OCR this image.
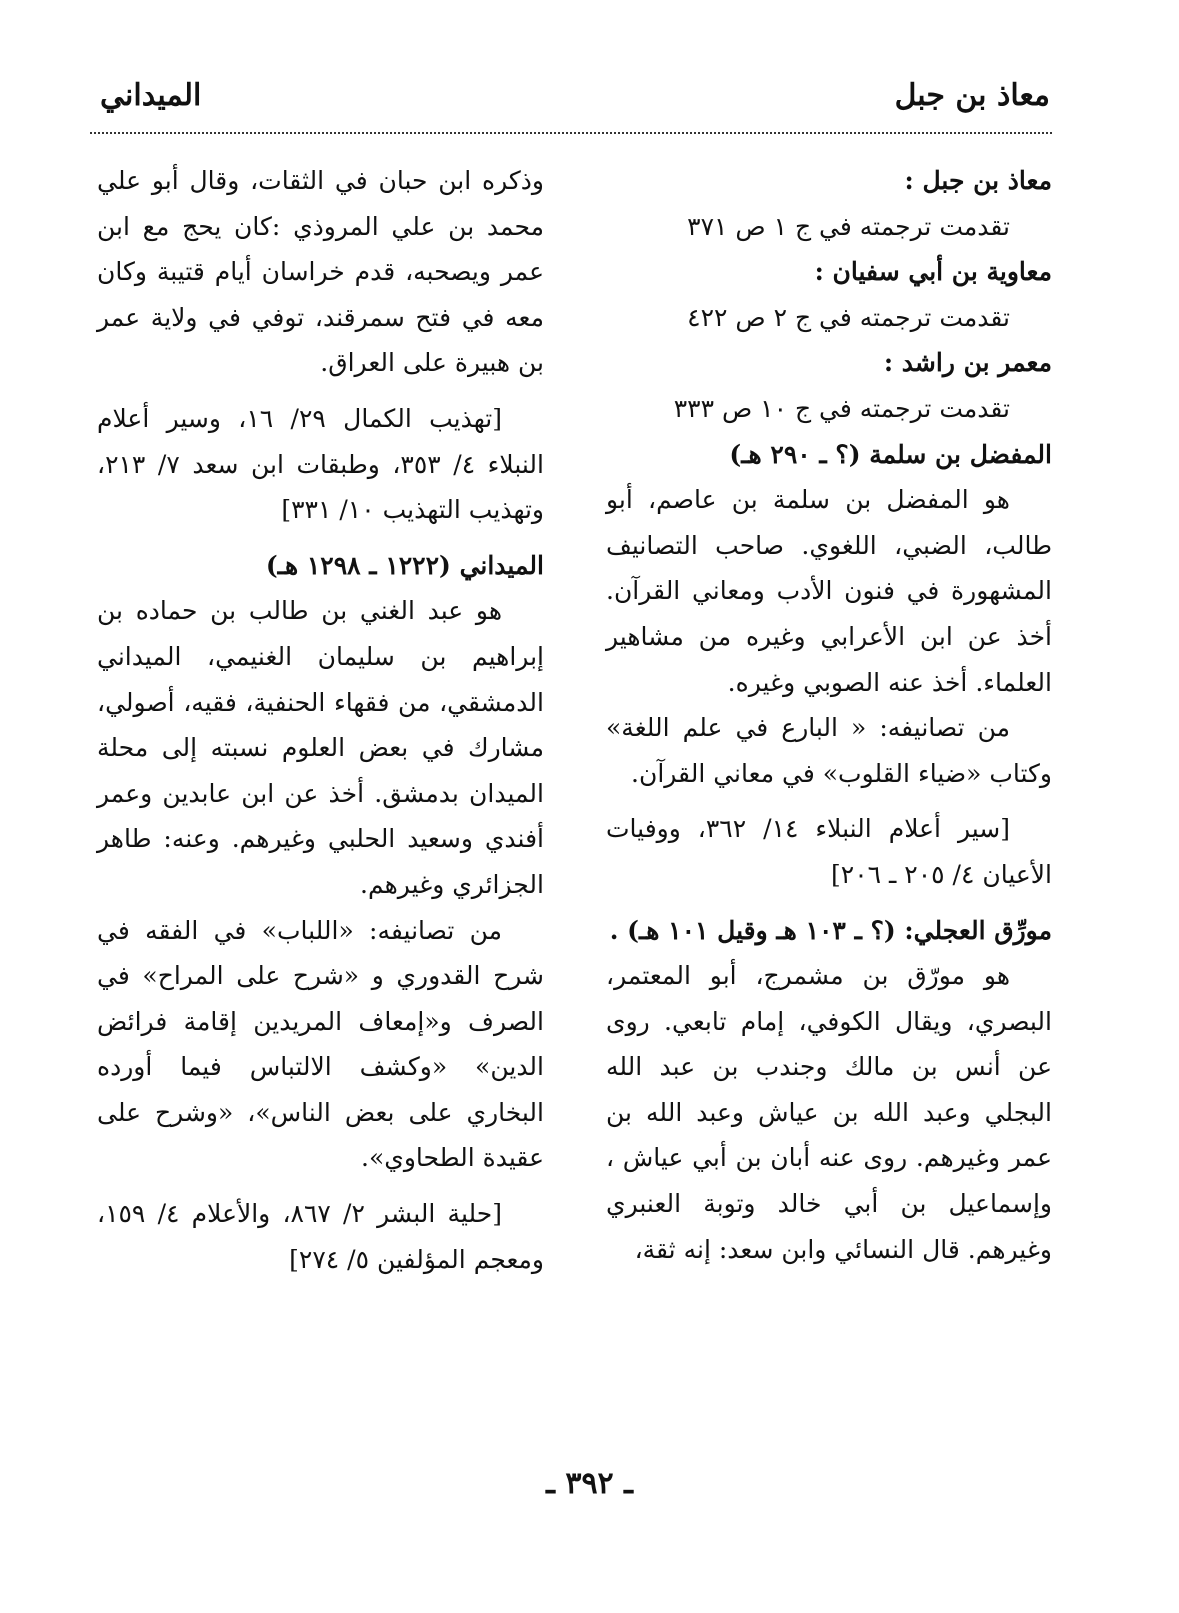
معاذ بن جبل
الميداني

معاذ بن جبل :

تقدمت ترجمته في ج ١ ص ٣٧١

معاوية بن أبي سفيان :

تقدمت ترجمته في ج ٢ ص ٤٢٢

معمر بن راشد :

تقدمت ترجمته في ج ١٠ ص ٣٣٣

المفضل بن سلمة (؟ ـ ٢٩٠ هـ)

هو المفضل بن سلمة بن عاصم، أبو طالب، الضبي، اللغوي. صاحب التصانيف المشهورة في فنون الأدب ومعاني القرآن. أخذ عن ابن الأعرابي وغيره من مشاهير العلماء. أخذ عنه الصوبي وغيره.

من تصانيفه: « البارع في علم اللغة» وكتاب «ضياء القلوب» في معاني القرآن.

[سير أعلام النبلاء ١٤/ ٣٦٢، ووفيات الأعيان ٤/ ٢٠٥ ـ ٢٠٦]

مورِّق العجلي: (؟ ـ ١٠٣ هـ وقيل ١٠١ هـ) .

هو مورّق بن مشمرج، أبو المعتمر، البصري، ويقال الكوفي، إمام تابعي. روى عن أنس بن مالك وجندب بن عبد الله البجلي وعبد الله بن عياش وعبد الله بن عمر وغيرهم. روى عنه أبان بن أبي عياش ، وإسماعيل بن أبي خالد وتوبة العنبري وغيرهم. قال النسائي وابن سعد: إنه ثقة،

وذكره ابن حبان في الثقات، وقال أبو علي محمد بن علي المروذي :كان يحج مع ابن عمر ويصحبه، قدم خراسان أيام قتيبة وكان معه في فتح سمرقند، توفي في ولاية عمر بن هبيرة على العراق.

[تهذيب الكمال ٢٩/ ١٦، وسير أعلام النبلاء ٤/ ٣٥٣، وطبقات ابن سعد ٧/ ٢١٣، وتهذيب التهذيب ١٠/ ٣٣١]

الميداني (١٢٢٢ ـ ١٢٩٨ هـ)

هو عبد الغني بن طالب بن حماده بن إبراهيم بن سليمان الغنيمي، الميداني الدمشقي، من فقهاء الحنفية، فقيه، أصولي، مشارك في بعض العلوم نسبته إلى محلة الميدان بدمشق. أخذ عن ابن عابدين وعمر أفندي وسعيد الحلبي وغيرهم. وعنه: طاهر الجزائري وغيرهم.

من تصانيفه: «اللباب» في الفقه في شرح القدوري و «شرح على المراح» في الصرف و«إمعاف المريدين إقامة فرائض الدين» «وكشف الالتباس فيما أورده البخاري على بعض الناس»، «وشرح على عقيدة الطحاوي».

[حلية البشر ٢/ ٨٦٧، والأعلام ٤/ ١٥٩، ومعجم المؤلفين ٥/ ٢٧٤]

ـ ٣٩٢ ـ
